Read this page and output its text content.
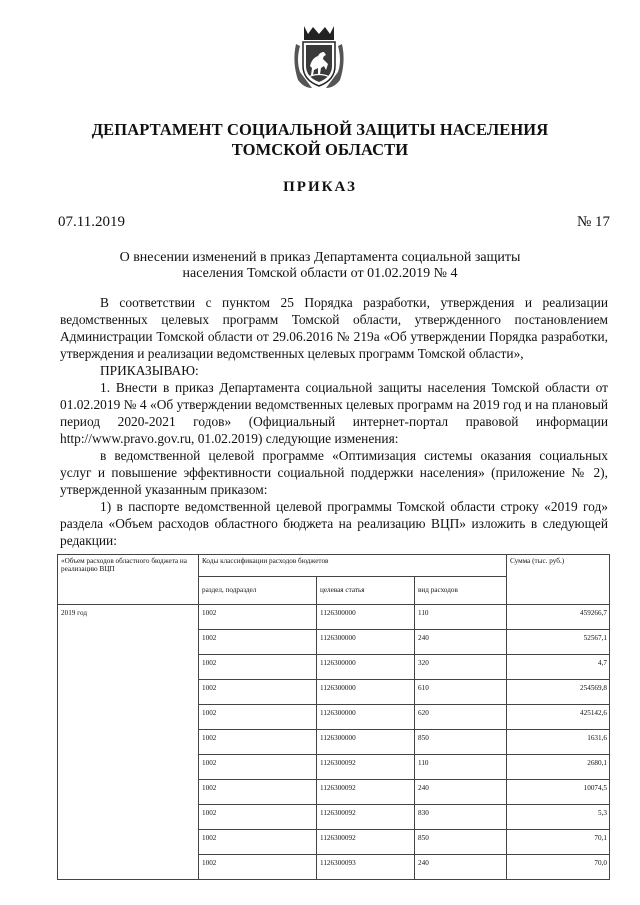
ДЕПАРТАМЕНТ СОЦИАЛЬНОЙ ЗАЩИТЫ НАСЕЛЕНИЯ
ТОМСКОЙ ОБЛАСТИ
ПРИКАЗ
07.11.2019	№ 17
О внесении изменений в приказ Департамента социальной защиты
населения Томской области от 01.02.2019 № 4

В соответствии с пунктом 25 Порядка разработки, утверждения и реализации ведомственных целевых программ Томской области, утвержденного постановлением Администрации Томской области от 29.06.2016 № 219а «Об утверждении Порядка разработки, утверждения и реализации ведомственных целевых программ Томской области»,

ПРИКАЗЫВАЮ:

1. Внести в приказ Департамента социальной защиты населения Томской области от 01.02.2019 № 4 «Об утверждении ведомственных целевых программ на 2019 год и на плановый период 2020-2021 годов» (Официальный интернет-портал правовой информации http://www.pravo.gov.ru, 01.02.2019) следующие изменения:

в ведомственной целевой программе «Оптимизация системы оказания социальных услуг и повышение эффективности социальной поддержки населения» (приложение № 2), утвержденной указанным приказом:

1) в паспорте ведомственной целевой программы Томской области строку «2019 год» раздела «Объем расходов областного бюджета на реализацию ВЦП» изложить в следующей редакции:

«Объем расходов областного бюджета на реализацию ВЦП	Коды классификации расходов бюджетов			Сумма (тыс. руб.)
	раздел, подраздел	целевая статья	вид расходов	
2019 год	1002	1126300000	110	459266,7
	1002	1126300000	240	52567,1
	1002	1126300000	320	4,7
	1002	1126300000	610	254569,8
	1002	1126300000	620	425142,6
	1002	1126300000	850	1631,6
	1002	1126300092	110	2680,1
	1002	1126300092	240	10074,5
	1002	1126300092	830	5,3
	1002	1126300092	850	70,1
	1002	1126300093	240	70,0
